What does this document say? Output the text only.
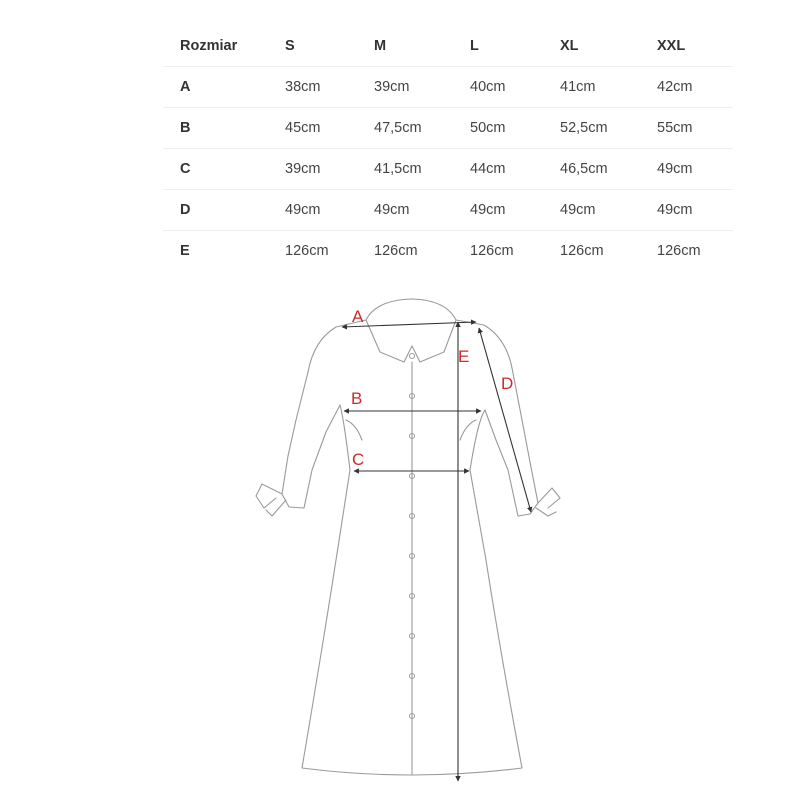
Rozmiar	S	M	L	XL	XXL
A	38cm	39cm	40cm	41cm	42cm
B	45cm	47,5cm	50cm	52,5cm	55cm
C	39cm	41,5cm	44cm	46,5cm	49cm
D	49cm	49cm	49cm	49cm	49cm
E	126cm	126cm	126cm	126cm	126cm
A
B
C
D
E
